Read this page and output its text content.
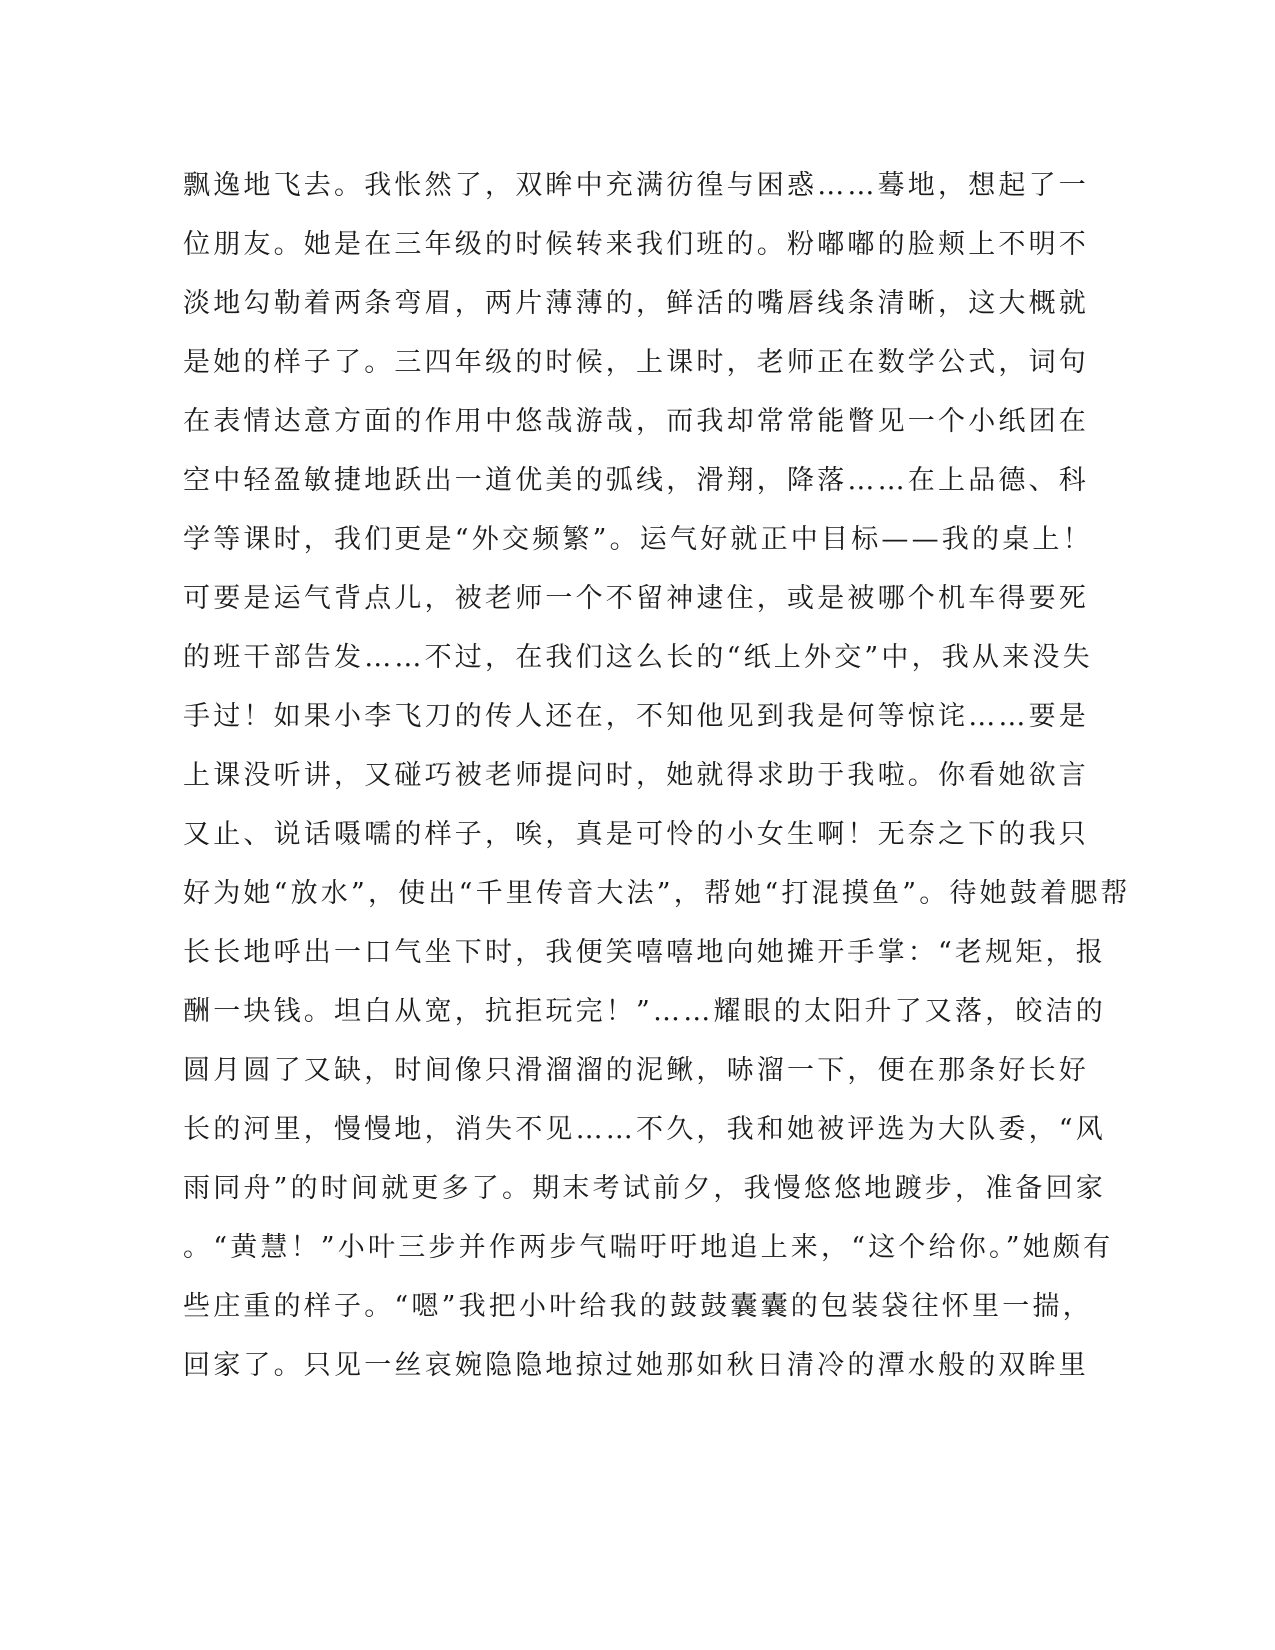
飘逸地飞去。我怅然了，双眸中充满彷徨与困惑……蓦地，想起了一
位朋友。她是在三年级的时候转来我们班的。粉嘟嘟的脸颊上不明不
淡地勾勒着两条弯眉，两片薄薄的，鲜活的嘴唇线条清晰，这大概就
是她的样子了。三四年级的时候，上课时，老师正在数学公式，词句
在表情达意方面的作用中悠哉游哉，而我却常常能瞥见一个小纸团在
空中轻盈敏捷地跃出一道优美的弧线，滑翔，降落……在上品德、科
学等课时，我们更是“外交频繁”。运气好就正中目标——我的桌上！
可要是运气背点儿，被老师一个不留神逮住，或是被哪个机车得要死
的班干部告发……不过，在我们这么长的“纸上外交”中，我从来没失
手过！如果小李飞刀的传人还在，不知他见到我是何等惊诧……要是
上课没听讲，又碰巧被老师提问时，她就得求助于我啦。你看她欲言
又止、说话嗫嚅的样子，唉，真是可怜的小女生啊！无奈之下的我只
好为她“放水”，使出“千里传音大法”，帮她“打混摸鱼”。待她鼓着腮帮
长长地呼出一口气坐下时，我便笑嘻嘻地向她摊开手掌：“老规矩，报
酬一块钱。坦白从宽，抗拒玩完！”……耀眼的太阳升了又落，皎洁的
圆月圆了又缺，时间像只滑溜溜的泥鳅，哧溜一下，便在那条好长好
长的河里，慢慢地，消失不见……不久，我和她被评选为大队委，“风
雨同舟”的时间就更多了。期末考试前夕，我慢悠悠地踱步，准备回家
。“黄慧！”小叶三步并作两步气喘吁吁地追上来，“这个给你。”她颇有
些庄重的样子。“嗯”我把小叶给我的鼓鼓囊囊的包装袋往怀里一揣，
回家了。只见一丝哀婉隐隐地掠过她那如秋日清冷的潭水般的双眸里
